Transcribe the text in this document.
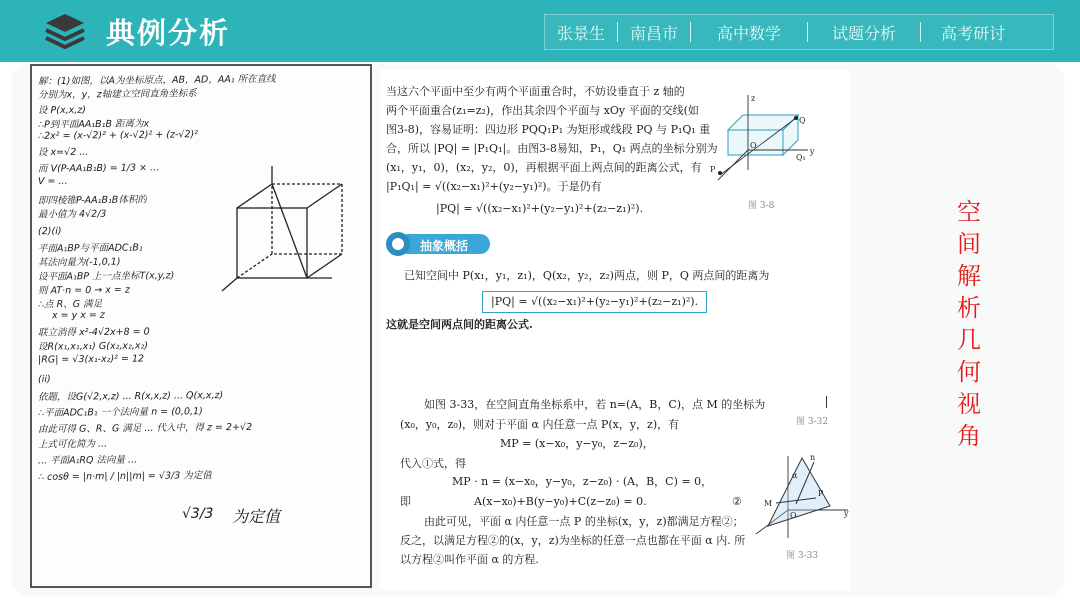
典例分析	张景生	南昌市	高中数学	试题分析	高考研讨
解：(1)如图，以A为坐标原点，AB，AD，AA₁ 所在直线
分别为x，y，z轴建立空间直角坐标系
设 P(x,x,z)
∴P到平面AA₁B₁B 距离为x
∴2x² = (x-√2)² + (x-√2)² + (z-√2)²
设 x=√2 ...
而 V(P-AA₁B₁B) = 1/3 × ...
V = ...
即四棱锥P-AA₁B₁B体积的
最小值为 4√2/3
(2)(i)
平面A₁BP与平面ADC₁B₁
其法向量为(-1,0,1)
设平面A₁BP 上一点坐标T(x,y,z)
则 AT·n = 0 → x = z
∴点 R、G 满足
x = y x = z
联立消得 x²-4√2x+8 = 0
设R(x₁,x₁,x₁) G(x₂,x₂,x₂)
|RG| = √3(x₁-x₂)² = 12
(ii)
依题，设G(√2,x,z) ... R(x,x,z) ... Q(x,x,z)
∴平面ADC₁B₁ 一个法向量 n = (0,0,1)
由此可得 G、R、G 满足 ... 代入中，得 z = 2+√2
上式可化简为 ...
... 平面A₁RQ 法向量 ...
∴ cosθ = |n·m| / |n||m| = √3/3 为定值
√3/3 为定值
当这六个平面中至少有两个平面重合时，不妨设垂直于 z 轴的
两个平面重合(z₁=z₂)，作出其余四个平面与 xOy 平面的交线(如
图3-8)，容易证明：四边形 PQQ₁P₁ 为矩形或线段 PQ 与 P₁Q₁ 重
合，所以 |PQ| = |P₁Q₁|。由图3-8易知，P₁，Q₁ 两点的坐标分别为
(x₁，y₁，0)，(x₂，y₂，0)，再根据平面上两点间的距离公式，有
|P₁Q₁| = √((x₂−x₁)²+(y₂−y₁)²)。于是仍有
|PQ| = √((x₂−x₁)²+(y₂−y₁)²+(z₂−z₁)²).
z
Q
P
O
y
Q₁
图 3-8
抽象概括
已知空间中 P(x₁，y₁，z₁)，Q(x₂，y₂，z₂)两点，则 P，Q 两点间的距离为
|PQ| = √((x₂−x₁)²+(y₂−y₁)²+(z₂−z₁)²).
这就是空间两点间的距离公式.
如图 3-33，在空间直角坐标系中，若 n=(A，B，C)，点 M 的坐标为
(x₀，y₀，z₀)，则对于平面 α 内任意一点 P(x，y，z)，有
MP = (x−x₀，y−y₀，z−z₀)，
代入①式，得
MP · n = (x−x₀，y−y₀，z−z₀) · (A，B，C) = 0，
即	A(x−x₀)+B(y−y₀)+C(z−z₀) = 0.	②
由此可见，平面 α 内任意一点 P 的坐标(x，y，z)都满足方程②；
反之，以满足方程②的(x，y，z)为坐标的任意一点也都在平面 α 内. 所
以方程②叫作平面 α 的方程.
图 3-32
n
M
O
P
α
y
图 3-33
空
间
解
析
几
何
视
角
